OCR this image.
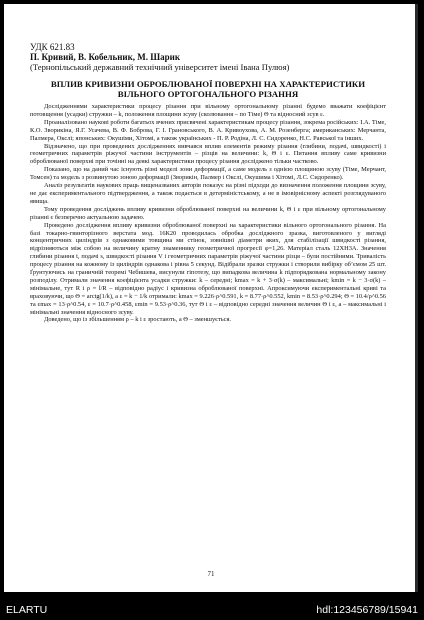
УДК 621.83
П. Кривий, В. Кобельник, М. Шарик
(Тернопільський державний технічний університет імені Івана Пулюя)
ВПЛИВ КРИВИЗНИ ОБРОБЛЮВАНОЇ ПОВЕРХНІ НА ХАРАКТЕРИСТИКИ ВІЛЬНОГО ОРТОГОНАЛЬНОГО РІЗАННЯ

Дослідженнями характеристики процесу різання при вільному ортогональному різанні будемо вважати коефіцієнт потовщення (усадки) стружки – k, положення площини зсуву (сколювання – по Тіме) Θ та відносний зсув ε.

Проаналізовано наукові роботи багатьох вчених присвячені характеристикам процесу різання, зокрема російських: І.А. Тіме, К.О. Зворикіна, Я.Г. Усачева, В. Ф. Боброва, Г. І. Грановського, В. А. Кривоухова, А. М. Розенберга; американських: Мерчанта, Палмера, Окслі; японських: Окушіми, Хітомі, а також українських - П. Р. Родіна, Л. С. Сидоренко, Н.С. Равської та інших.

Відзначено, що при проведених дослідженнях вивчався вплив елементів режиму різання (глибини, подачі, швидкості) і геометричних параметрів ріжучої частини інструментів – різців на величини: k, Θ і ε. Питання впливу саме кривизни оброблюваної поверхні при точінні на деякі характеристики процесу різання досліджено тільки частково.

Показано, що на даний час існують різні моделі зони деформації, а саме модель з однією площиною зсуву (Тіме, Мерчант, Томсен) та модель з розвинутою зоною деформації (Зворикін, Палмер і Окслі, Окушима і Хітомі, Л.С. Сидоренко).

Аналіз результатів наукових праць вищеназваних авторів показує на різні підходи до визначення положення площини зсуву, не дає експериментального підтвердження, а також подається в детерміністському, а не в імовірнісному аспекті розглядуваного явища.

Тому проведення досліджень впливу кривизни оброблюваної поверхні на величини k, Θ і ε при вільному ортогональному різанні є безперечно актуальною задачею.

Проведено дослідження впливу кривизни оброблюваної поверхні на характеристики вільного ортогонального різання. На базі токарно-гвинторізного верстата мод. 16К20 проводилась обробка досліджного зразка, виготовленого у вигляді концентричних циліндрів з однаковими товщина ми стінок, зовнішні діаметри яких, для стабілізації швидкості різання, відрізняються між собою на величину кратну знаменнику геометричної прогресії φ=1,26. Матеріал сталь 12ХН3А. Значення глибини різання t, подачі s, швидкості різання V і геометричних параметрів ріжучої частини різця – були постійними. Тривалість процесу різання на кожному із циліндрів однакова і рівна 5 секунд. Відібрали зразки стружки і створили вибірку об’ємом 25 шт. Ґрунтуючись на граничній теоремі Чебишева, висунули гіпотезу, що випадкова величина k підпорядкована нормальному закону розподілу. Отримали значення коефіцієнта усадки стружки: k – середні; kmax = k + 3·σ(k) – максимальні; kmin = k − 3·σ(k) – мінімальне, тут R і ρ = l/R – відповідно радіус і кривизна оброблюваної поверхні. Апроксимуючи експериментальні криві та враховуючи, що Θ = arctg(1/k), а ε = k − 1/k отримали: kmax = 9.226·ρ^0.591, k = 8.77·ρ^0.552, kmin = 8.53·ρ^0.294; Θ = 10.4/ρ^0.56 та εmax = 13·ρ^0.54, ε = 10.7·ρ^0.458, εmin = 9.53·ρ^0.36, тут Θ і ε – відповідно середні значення величин Θ і ε, a – максимальні і мінімальні значення відносного зсуву.

Доведено, що із збільшенням ρ – k і ε зростають, а Θ – зменшується.

71
ELARTU	hdl:123456789/15941
